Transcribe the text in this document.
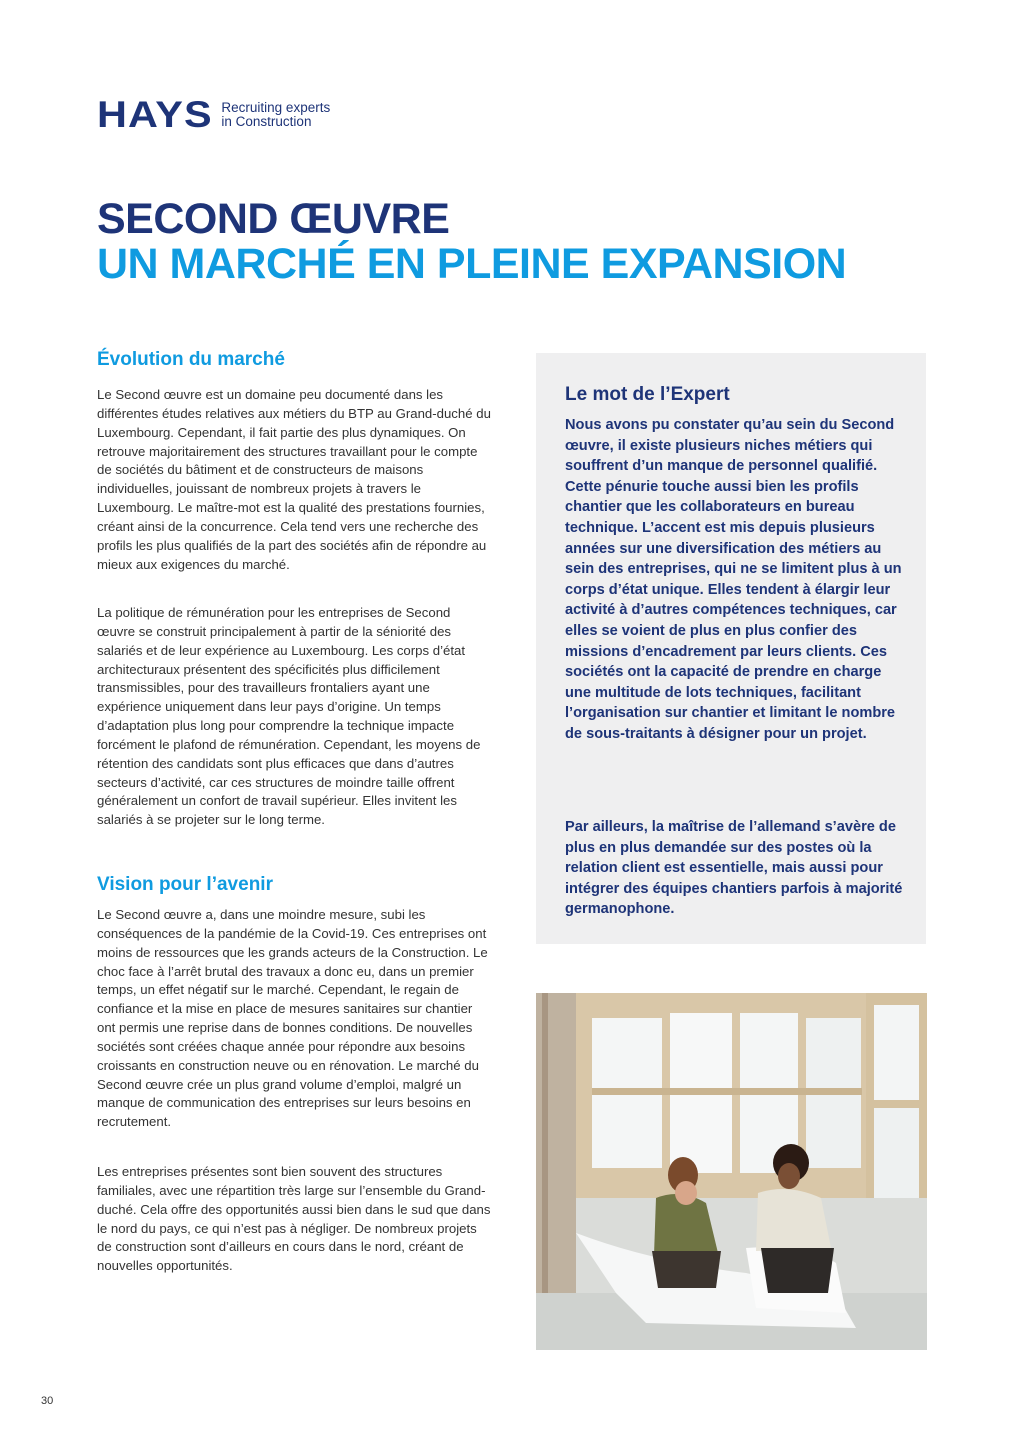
HAYS Recruiting experts
in Construction
SECOND ŒUVRE
UN MARCHÉ EN PLEINE EXPANSION
Évolution du marché

Le Second œuvre est un domaine peu documenté dans les différentes études relatives aux métiers du BTP au Grand-duché du Luxembourg. Cependant, il fait partie des plus dynamiques. On retrouve majoritairement des structures travaillant pour le compte de sociétés du bâtiment et de constructeurs de maisons individuelles, jouissant de nombreux projets à travers le Luxembourg. Le maître-mot est la qualité des prestations fournies, créant ainsi de la concurrence. Cela tend vers une recherche des profils les plus qualifiés de la part des sociétés afin de répondre au mieux aux exigences du marché.

La politique de rémunération pour les entreprises de Second œuvre se construit principalement à partir de la séniorité des salariés et de leur expérience au Luxembourg. Les corps d’état architecturaux présentent des spécificités plus difficilement transmissibles, pour des travailleurs frontaliers ayant une expérience uniquement dans leur pays d’origine. Un temps d’adaptation plus long pour comprendre la technique impacte forcément le plafond de rémunération. Cependant, les moyens de rétention des candidats sont plus efficaces que dans d’autres secteurs d’activité, car ces structures de moindre taille offrent généralement un confort de travail supérieur. Elles invitent les salariés à se projeter sur le long terme.

Vision pour l’avenir

Le Second œuvre a, dans une moindre mesure, subi les conséquences de la pandémie de la Covid-19. Ces entreprises ont moins de ressources que les grands acteurs de la Construction. Le choc face à l’arrêt brutal des travaux a donc eu, dans un premier temps, un effet négatif sur le marché. Cependant, le regain de confiance et la mise en place de mesures sanitaires sur chantier ont permis une reprise dans de bonnes conditions. De nouvelles sociétés sont créées chaque année pour répondre aux besoins croissants en construction neuve ou en rénovation. Le marché du Second œuvre crée un plus grand volume d’emploi, malgré un manque de communication des entreprises sur leurs besoins en recrutement.

Les entreprises présentes sont bien souvent des structures familiales, avec une répartition très large sur l’ensemble du Grand-duché. Cela offre des opportunités aussi bien dans le sud que dans le nord du pays, ce qui n’est pas à négliger. De nombreux projets de construction sont d’ailleurs en cours dans le nord, créant de nouvelles opportunités.

Le mot de l’Expert

Nous avons pu constater qu’au sein du Second œuvre, il existe plusieurs niches métiers qui souffrent d’un manque de personnel qualifié. Cette pénurie touche aussi bien les profils chantier que les collaborateurs en bureau technique. L’accent est mis depuis plusieurs années sur une diversification des métiers au sein des entreprises, qui ne se limitent plus à un corps d’état unique. Elles tendent à élargir leur activité à d’autres compétences techniques, car elles se voient de plus en plus confier des missions d’encadrement par leurs clients. Ces sociétés ont la capacité de prendre en charge une multitude de lots techniques, facilitant l’organisation sur chantier et limitant le nombre de sous-traitants à désigner pour un projet.

Par ailleurs, la maîtrise de l’allemand s’avère de plus en plus demandée sur des postes où la relation client est essentielle, mais aussi pour intégrer des équipes chantiers parfois à majorité germanophone.

30
